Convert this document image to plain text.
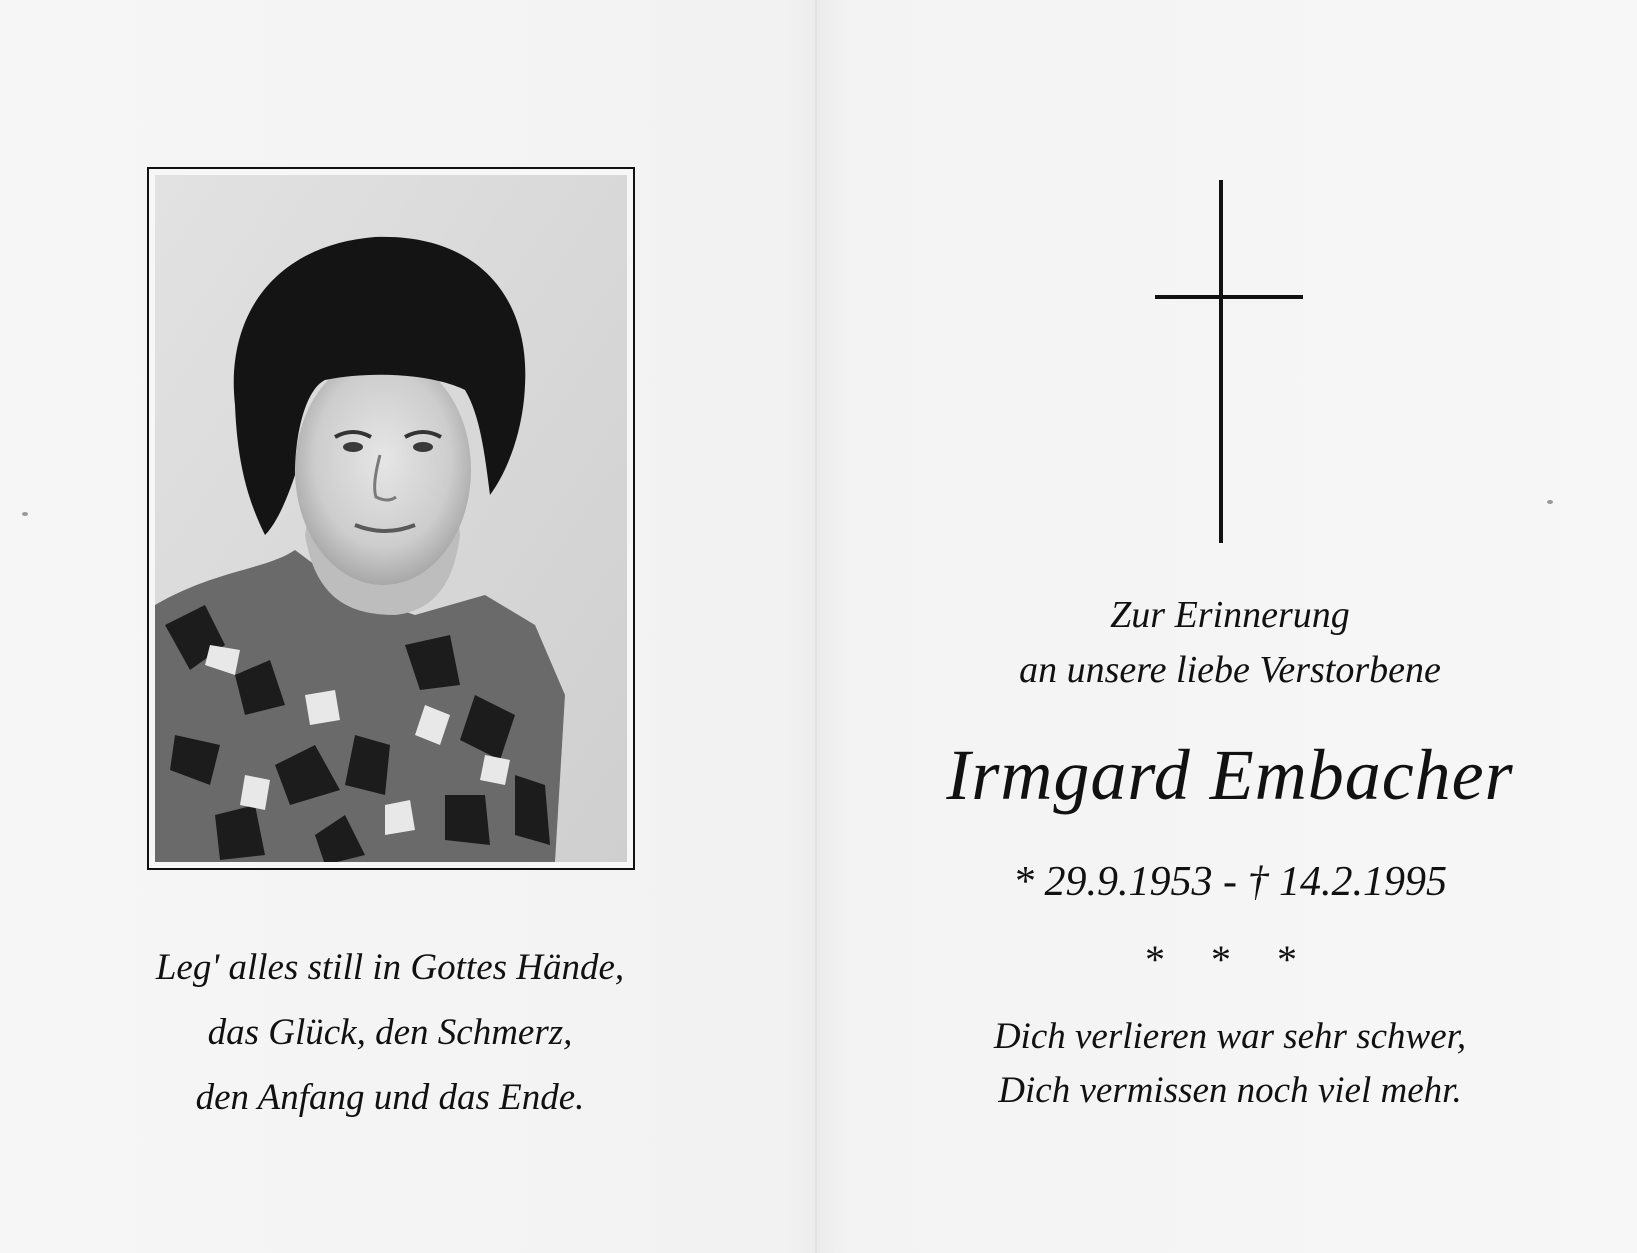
Leg' alles still in Gottes Hände,
das Glück, den Schmerz,
den Anfang und das Ende.
Zur Erinnerung
an unsere liebe Verstorbene
Irmgard Embacher
* 29.9.1953 - † 14.2.1995
* * *
Dich verlieren war sehr schwer,
Dich vermissen noch viel mehr.
